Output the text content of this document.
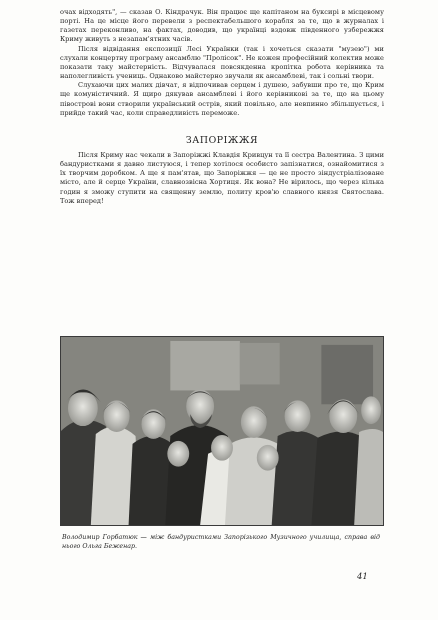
очах відходять", — сказав О. Кіндрачук. Він працює ще капітаном на буксирі в місцевому порті. На це місце його перевели з респектабельшого корабля за те, що в журналах і газетах переконливо, на фактах, доводив, що українці вздовж південного узбережжя Криму живуть з незапам'ятних часів.

Після відвідання експозиції Лесі Українки (так і хочеться сказати "музею") ми слухали концертну програму ансамблю "Пролісок". Не кожен професійний колектив може показати таку майстерність. Відчувалася повсякденна кропітка робота керівника та наполегливість учениць. Однаково майстерно звучали як ансамблеві, так і сольні твори.

Слухаючи цих малих дівчат, я відпочивав серцем і душею, забувши про те, що Крим ще комуністичний. Я щиро дякував ансамблеві і його керівникові за те, що на цьому півострові вони створили український острів, який повільно, але невпинно збільшується, і прийде такий час, коли справедливість переможе.

ЗАПОРІЖЖЯ

Після Криму нас чекали в Запоріжжі Клавдія Кривцун та її сестра Валентина. З цими бандуристками я давно листуюся, і тепер хотілося особисто запізнатися, ознайомитися з їх творчим доробком. А ще я пам'ятав, що Запоріжжя — це не просто зіндустріалізоване місто, але й серце України, славнозвісна Хортиця. Як вона? Не вірилось, що через кілька годин я зможу ступити на священну землю, политу кров'ю славного князя Святослава. Тож вперед!

Володимир Горбатюк — між бандуристками Запорізького Музичного училища, справа від нього Ольга Беженар.
41
